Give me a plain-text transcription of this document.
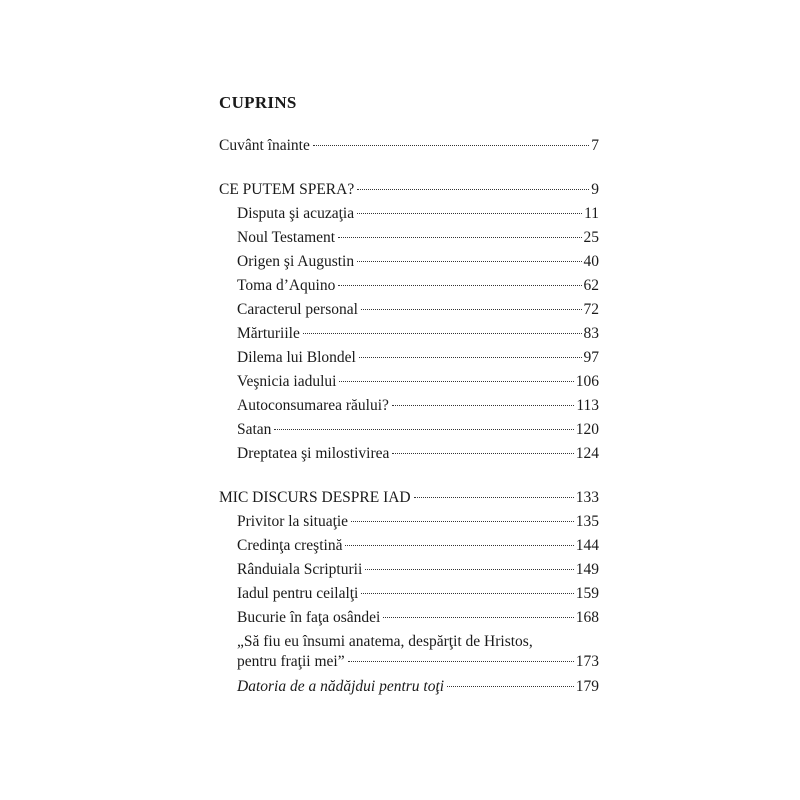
CUPRINS
Cuvânt înainte	7
CE PUTEM SPERA?	9
Disputa şi acuzaţia	11
Noul Testament	25
Origen şi Augustin	40
Toma d’Aquino	62
Caracterul personal	72
Mărturiile	83
Dilema lui Blondel	97
Veşnicia iadului	106
Autoconsumarea răului?	113
Satan	120
Dreptatea şi milostivirea	124
MIC DISCURS DESPRE IAD	133
Privitor la situaţie	135
Credinţa creştină	144
Rânduiala Scripturii	149
Iadul pentru ceilalţi	159
Bucurie în faţa osândei	168
„Să fiu eu însumi anatema, despărţit de Hristos,
pentru fraţii mei”	173
Datoria de a nădăjdui pentru toţi	179
